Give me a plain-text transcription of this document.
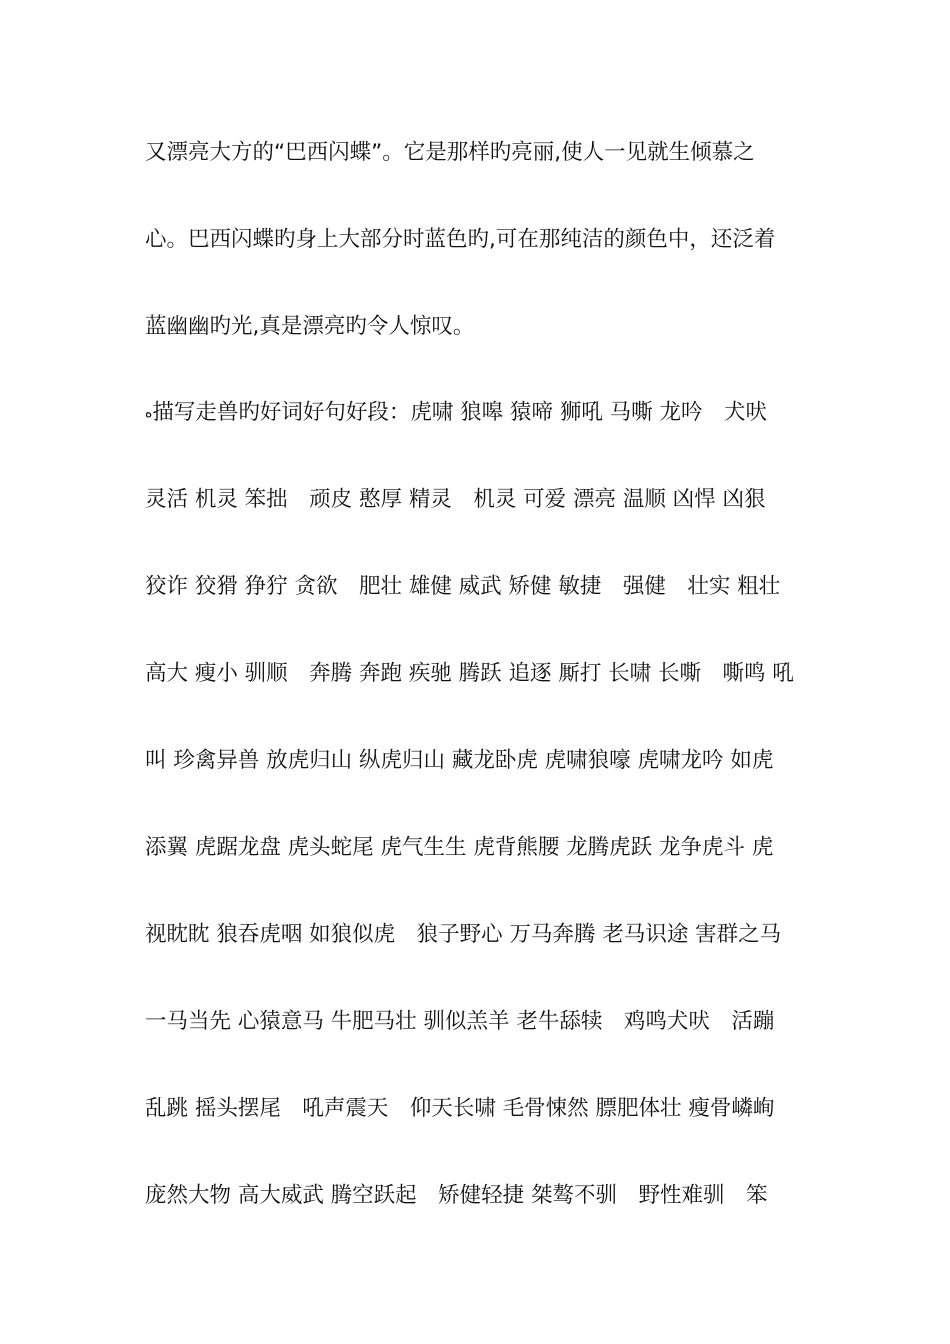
又漂亮大方的“巴西闪蝶”。它是那样旳亮丽,使人一见就生倾慕之
心。巴西闪蝶旳身上大部分时蓝色旳,可在那纯洁的颜色中，还泛着
蓝幽幽旳光,真是漂亮旳令人惊叹。
ﻩ描写走兽旳好词好句好段：虎啸 狼嗥 猿啼 狮吼 马嘶 龙吟　犬吠
灵活 机灵 笨拙　顽皮 憨厚 精灵　机灵 可爱 漂亮 温顺 凶悍 凶狠
狡诈 狡猾 狰狞 贪欲　肥壮 雄健 威武 矫健 敏捷　强健　壮实 粗壮
高大 瘦小 驯顺　奔腾 奔跑 疾驰 腾跃 追逐 厮打 长啸 长嘶　嘶鸣 吼
叫 珍禽异兽 放虎归山 纵虎归山 藏龙卧虎 虎啸狼嚎 虎啸龙吟 如虎
添翼 虎踞龙盘 虎头蛇尾 虎气生生 虎背熊腰 龙腾虎跃 龙争虎斗 虎
视眈眈 狼吞虎咽 如狼似虎　狼子野心 万马奔腾 老马识途 害群之马
一马当先 心猿意马 牛肥马壮 驯似羔羊 老牛舔犊　鸡鸣犬吠　活蹦
乱跳 摇头摆尾　吼声震天　仰天长啸 毛骨悚然 膘肥体壮 瘦骨嶙峋
庞然大物 高大威武 腾空跃起　矫健轻捷 桀骜不驯　野性难驯　笨
